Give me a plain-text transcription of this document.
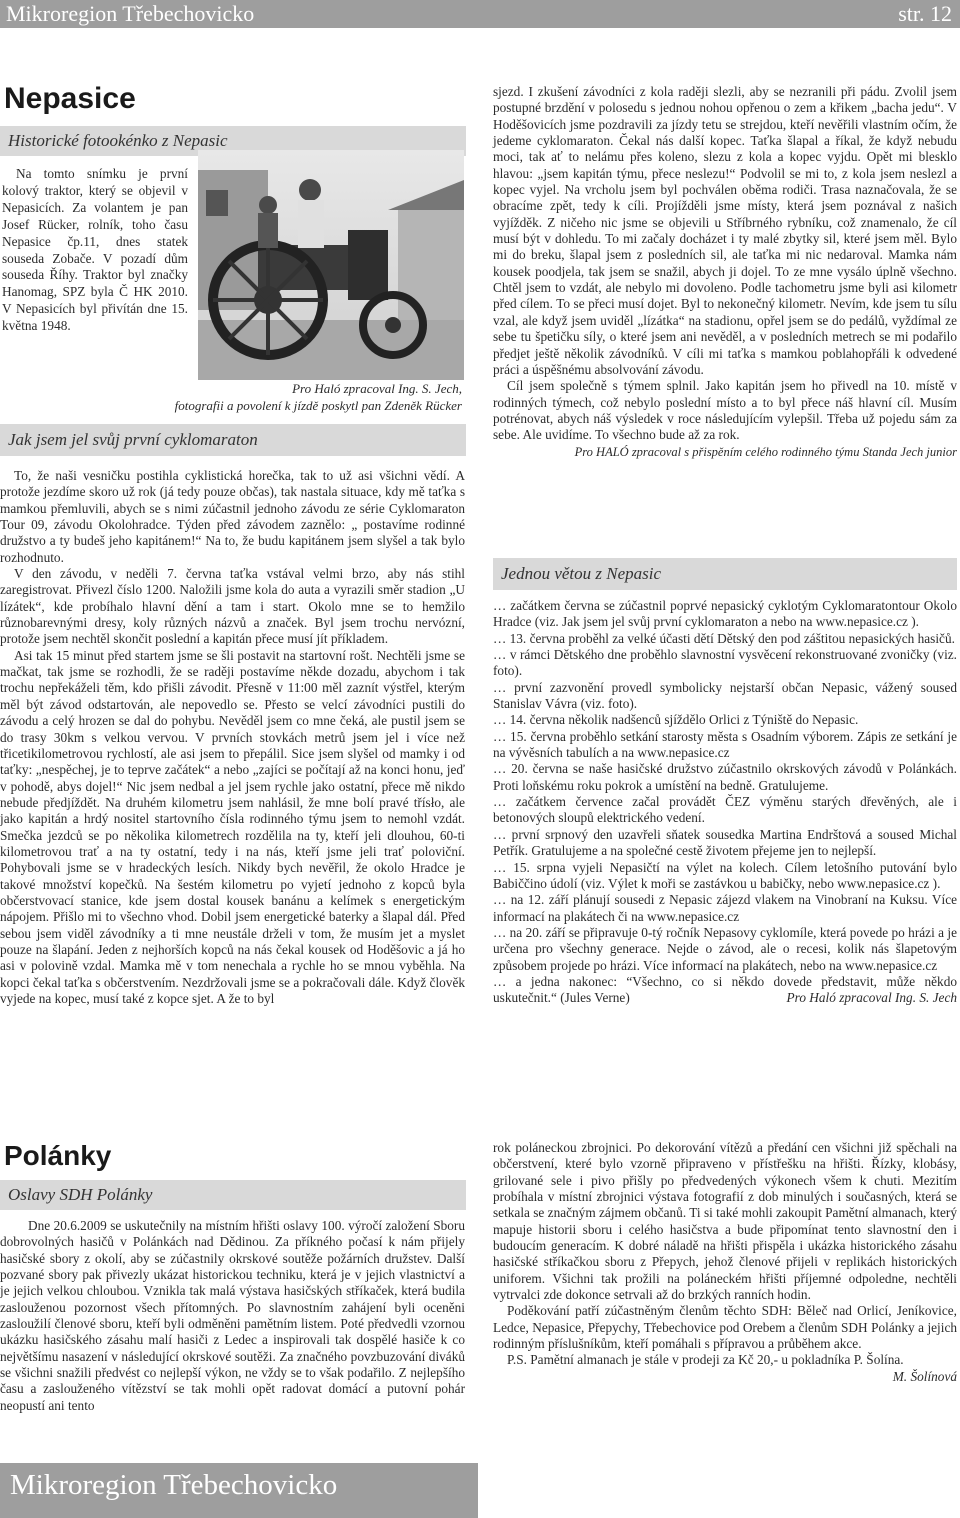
Mikroregion Třebechovicko	str. 12
Nepasice
Historické fotookénko z Nepasic

Na tomto snímku je první kolový traktor, který se objevil v Nepasicích. Za volantem je pan Josef Rücker, rolník, toho času Nepasice čp.11, dnes statek souseda Zobače. V pozadí dům souseda Říhy. Traktor byl značky Hanomag, SPZ byla Č HK 2010. V Nepasicích byl přivítán dne 15. května 1948.

Pro Haló zpracoval Ing. S. Jech,
fotografii a povolení k jízdě poskytl pan Zdeněk Rücker
Jak jsem jel svůj první cyklomaraton

To, že naši vesničku postihla cyklistická horečka, tak to už asi všichni vědí. A protože jezdíme skoro už rok (já tedy pouze občas), tak nastala situace, kdy mě taťka s mamkou přemluvili, abych se s nimi zúčastnil jednoho závodu ze série Cyklomaraton Tour 09, závodu Okolohradce. Týden před závodem zaznělo: „ postavíme rodinné družstvo a ty budeš jeho kapitánem!“ Na to, že budu kapitánem jsem slyšel a tak bylo rozhodnuto.

V den závodu, v neděli 7. června taťka vstával velmi brzo, aby nás stihl zaregistrovat. Přivezl číslo 1200. Naložili jsme kola do auta a vyrazili směr stadion „U lízátek“, kde probíhalo hlavní dění a tam i start. Okolo mne se to hemžilo různobarevnými dresy, koly různých názvů a značek. Byl jsem trochu nervózní, protože jsem nechtěl skončit poslední a kapitán přece musí jít příkladem.

Asi tak 15 minut před startem jsme se šli postavit na startovní rošt. Nechtěli jsme se mačkat, tak jsme se rozhodli, že se raději postavíme někde dozadu, abychom i tak trochu nepřekáželi těm, kdo přišli závodit. Přesně v 11:00 měl zaznít výstřel, kterým měl být závod odstartován, ale nepovedlo se. Přesto se velcí závodníci pustili do závodu a celý hrozen se dal do pohybu. Nevěděl jsem co mne čeká, ale pustil jsem se do trasy 30km s velkou vervou. V prvních stovkách metrů jsem jel i více než třicetikilometrovou rychlostí, ale asi jsem to přepálil. Sice jsem slyšel od mamky i od taťky: „nespěchej, je to teprve začátek“ a nebo „zajíci se počítají až na konci honu, jeď v pohodě, abys dojel!“ Nic jsem nedbal a jel jsem rychle jako ostatní, přece mě nikdo nebude předjíždět. Na druhém kilometru jsem nahlásil, že mne bolí pravé třísło, ale jako kapitán a hrdý nositel startovního čísla rodinného týmu jsem to nemohl vzdát. Smečka jezdců se po několika kilometrech rozdělila na ty, kteří jeli dlouhou, 60-ti kilometrovou trať a na ty ostatní, tedy i na nás, kteří jsme jeli trať poloviční. Pohybovali jsme se v hradeckých lesích. Nikdy bych nevěřil, že okolo Hradce je takové množství kopečků. Na šestém kilometru po vyjetí jednoho z kopců byla občerstvovací stanice, kde jsem dostal kousek banánu a kelímek s energetickým nápojem. Přišlo mi to všechno vhod. Dobil jsem energetické baterky a šlapal dál. Před sebou jsem viděl závodníky a ti mne neustále drželi v tom, že musím jet a myslet pouze na šlapání. Jeden z nejhorších kopců na nás čekal kousek od Hoděšovic a já ho asi v polovině vzdal. Mamka mě v tom nenechala a rychle ho se mnou vyběhla. Na kopci čekal taťka s občerstvením. Nezdržovali jsme se a pokračovali dále. Když člověk vyjede na kopec, musí také z kopce sjet. A že to byl

sjezd. I zkušení závodníci z kola raději slezli, aby se nezranili při pádu. Zvolil jsem postupné brzdění v polosedu s jednou nohou opřenou o zem a křikem „bacha jedu“. V Hoděšovicích jsme pozdravili za jízdy tetu se strejdou, kteří nevěřili vlastním očím, že jedeme cyklomaraton. Čekal nás další kopec. Taťka šlapal a říkal, že když nebudu moci, tak ať to nelámu přes koleno, slezu z kola a kopec vyjdu. Opět mi blesklo hlavou: „jsem kapitán týmu, přece neslezu!“ Podvolil se mi to, z kola jsem neslezl a kopec vyjel. Na vrcholu jsem byl pochválen oběma rodiči. Trasa naznačovala, že se obracíme zpět, tedy k cíli. Projížděli jsme místy, která jsem poznával z našich vyjížděk. Z ničeho nic jsme se objevili u Stříbrného rybníku, což znamenalo, že cíl musí být v dohledu. To mi začaly docházet i ty malé zbytky sil, které jsem měl. Bylo mi do breku, šlapal jsem z posledních sil, ale taťka mi nic nedaroval. Mamka nám kousek poodjela, tak jsem se snažil, abych ji dojel. To ze mne vysálo úplně všechno. Chtěl jsem to vzdát, ale nebylo mi dovoleno. Podle tachometru jsme byli asi kilometr před cílem. To se přeci musí dojet. Byl to nekonečný kilometr. Nevím, kde jsem tu sílu vzal, ale když jsem uviděl „lízátka“ na stadionu, opřel jsem se do pedálů, vyždímal ze sebe tu špetičku síly, o které jsem ani nevěděl, a v posledních metrech se mi podařilo předjet ještě několik závodníků. V cíli mi taťka s mamkou poblahopřáli k odvedené práci a úspěšnému absolvování závodu.

Cíl jsem společně s týmem splnil. Jako kapitán jsem ho přivedl na 10. místě v rodinných týmech, což nebylo poslední místo a to byl přece náš hlavní cíl. Musím potrénovat, abych náš výsledek v roce následujícím vylepšil. Třeba už pojedu sám za sebe. Ale uvidíme. To všechno bude až za rok.

Pro HALÓ zpracoval s přispěním celého rodinného týmu Standa Jech junior

Jednou větou z Nepasic

… začátkem června se zúčastnil poprvé nepasický cyklotým Cyklomaratontour Okolo Hradce (viz. Jak jsem jel svůj první cyklomaraton a nebo na www.nepasice.cz ).

… 13. června proběhl za velké účasti dětí Dětský den pod záštitou nepasických hasičů.

… v rámci Dětského dne proběhlo slavnostní vysvěcení rekonstruované zvoničky (viz. foto).

… první zazvonění provedl symbolicky nejstarší občan Nepasic, vážený soused Stanislav Vávra (viz. foto).

… 14. června několik nadšenců sjíždělo Orlici z Týniště do Nepasic.

… 15. června proběhlo setkání starosty města s Osadním výborem. Zápis ze setkání je na vývěsních tabulích a na www.nepasice.cz

… 20. června se naše hasičské družstvo zúčastnilo okrskových závodů v Polánkách. Proti loňskému roku pokrok a umístění na bedně. Gratulujeme.

… začátkem července začal provádět ČEZ výměnu starých dřevěných, ale i betonových sloupů elektrického vedení.

… první srpnový den uzavřeli sňatek sousedka Martina Endrštová a soused Michal Petřík. Gratulujeme a na společné cestě životem přejeme jen to nejlepší.

… 15. srpna vyjeli Nepasičtí na výlet na kolech. Cílem letošního putování bylo Babiččino údolí (viz. Výlet k moři se zastávkou u babičky, nebo www.nepasice.cz ).

… na 12. září plánují sousedi z Nepasic zájezd vlakem na Vinobraní na Kuksu. Více informací na plakátech či na www.nepasice.cz

… na 20. září se připravuje 0-tý ročník Nepasovy cyklomíle, která povede po hrázi a je určena pro všechny generace. Nejde o závod, ale o recesi, kolik nás šlapetovým způsobem projede po hrázi. Více informací na plakátech, nebo na www.nepasice.cz

… a jedna nakonec: “Všechno, co si někdo dovede představit, může někdo uskutečnit.“ (Jules Verne)	Pro Haló zpracoval Ing. S. Jech

Polánky
Oslavy SDH Polánky

Dne 20.6.2009 se uskutečnily na místním hřišti oslavy 100. výročí založení Sboru dobrovolných hasičů v Polánkách nad Dědinou. Za příkného počasí k nám přijely hasičské sbory z okolí, aby se zúčastnily okrskové soutěže požárních družstev. Další pozvané sbory pak přivezly ukázat historickou techniku, která je v jejich vlastnictví a je jejich velkou chloubou. Vznikla tak malá výstava hasičských stříkaček, která budila zaslouženou pozornost všech přítomných. Po slavnostním zahájení byli oceněni zasloužilí členové sboru, kteří byli odměněni pamětním listem. Poté předvedli vzornou ukázku hasičského zásahu malí hasiči z Ledec a inspirovali tak dospělé hasiče k co největšímu nasazení v následující okrskové soutěži. Za značného povzbuzování diváků se všichni snažili předvést co nejlepší výkon, ne vždy se to však podařilo. Z nejlepšího času a zaslouženého vítězství se tak mohli opět radovat domácí a putovní pohár neopustí ani tento

rok poláneckou zbrojnici. Po dekorování vítězů a předání cen všichni již spěchali na občerstvení, které bylo vzorně připraveno v přístřešku na hřišti. Řízky, klobásy, grilované sele i pivo přišly po předvedených výkonech všem k chuti. Mezitím probíhala v místní zbrojnici výstava fotografií z dob minulých i současných, která se setkala se značným zájmem občanů. Ti si také mohli zakoupit Pamětní almanach, který mapuje historii sboru i celého hasičstva a bude připomínat tento slavnostní den i budoucím generacím. K dobré náladě na hřišti přispěla i ukázka historického zásahu hasičské stříkačkou sboru z Přepych, jehož členové přijeli v replikách historických uniforem. Všichni tak prožili na poláneckém hřišti příjemné odpoledne, nechtěli vytrvalci zde dokonce setrvali až do brzkých ranních hodin.

Poděkování patří zúčastněným členům těchto SDH: Běleč nad Orlicí, Jeníkovice, Ledce, Nepasice, Přepychy, Třebechovice pod Orebem a členům SDH Polánky a jejich rodinným příslušníkům, kteří pomáhali s přípravou a průběhem akce.

P.S. Pamětní almanach je stále v prodeji za Kč 20,- u pokladníka P. Šolína.

M. Šolínová

Mikroregion Třebechovicko
